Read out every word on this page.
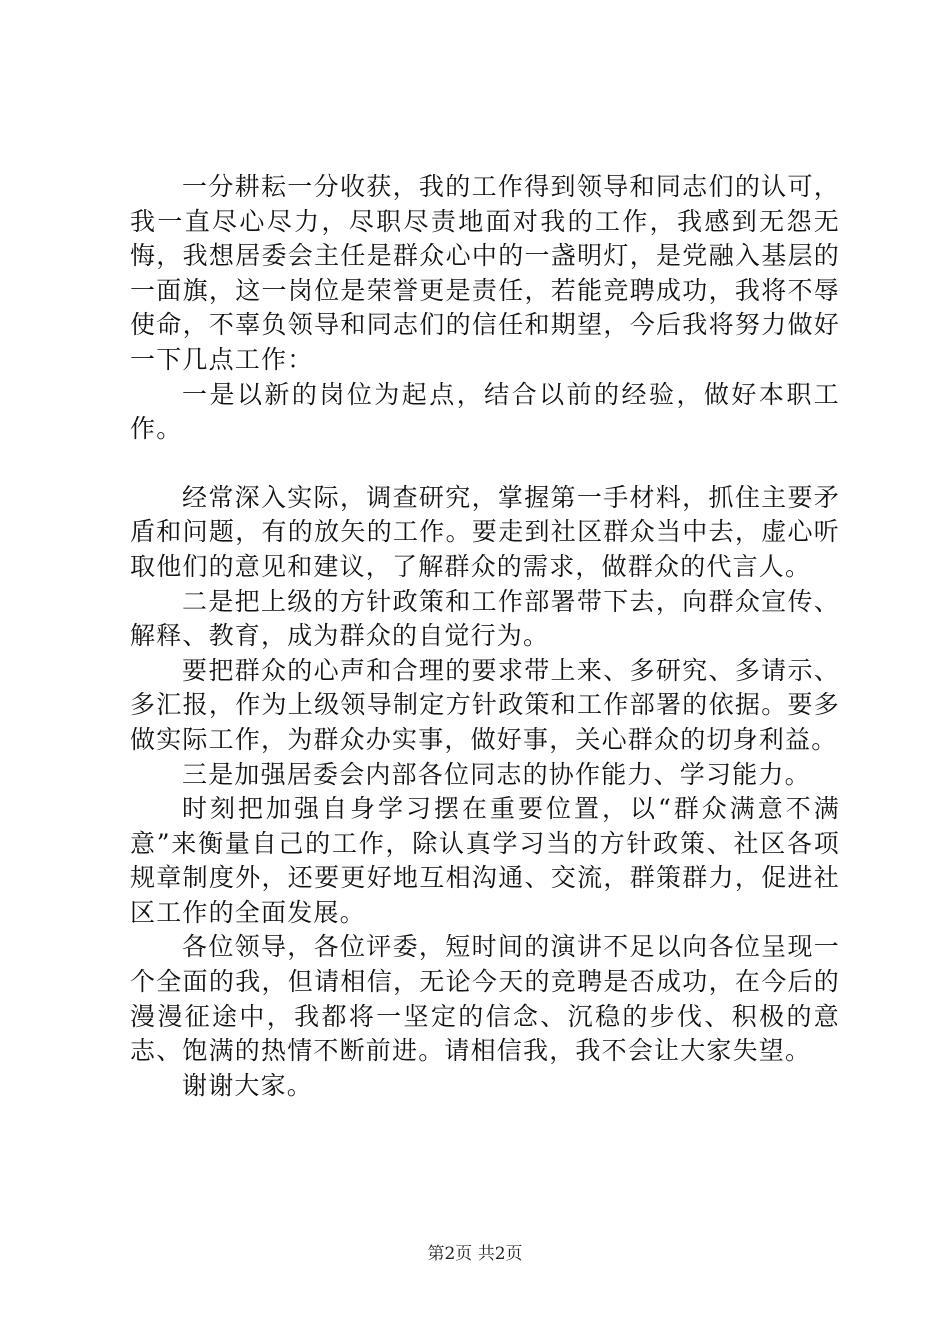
一分耕耘一分收获，我的工作得到领导和同志们的认可，我一直尽心尽力，尽职尽责地面对我的工作，我感到无怨无悔，我想居委会主任是群众心中的一盏明灯，是党融入基层的一面旗，这一岗位是荣誉更是责任，若能竞聘成功，我将不辱使命，不辜负领导和同志们的信任和期望，今后我将努力做好一下几点工作：

一是以新的岗位为起点，结合以前的经验，做好本职工作。

经常深入实际，调查研究，掌握第一手材料，抓住主要矛盾和问题，有的放矢的工作。要走到社区群众当中去，虚心听取他们的意见和建议，了解群众的需求，做群众的代言人。

二是把上级的方针政策和工作部署带下去，向群众宣传、解释、教育，成为群众的自觉行为。

要把群众的心声和合理的要求带上来、多研究、多请示、多汇报，作为上级领导制定方针政策和工作部署的依据。要多做实际工作，为群众办实事，做好事，关心群众的切身利益。

三是加强居委会内部各位同志的协作能力、学习能力。

时刻把加强自身学习摆在重要位置，以“群众满意不满意”来衡量自己的工作，除认真学习当的方针政策、社区各项规章制度外，还要更好地互相沟通、交流，群策群力，促进社区工作的全面发展。

各位领导，各位评委，短时间的演讲不足以向各位呈现一个全面的我，但请相信，无论今天的竞聘是否成功，在今后的漫漫征途中，我都将一坚定的信念、沉稳的步伐、积极的意志、饱满的热情不断前进。请相信我，我不会让大家失望。

谢谢大家。

第2页 共2页
